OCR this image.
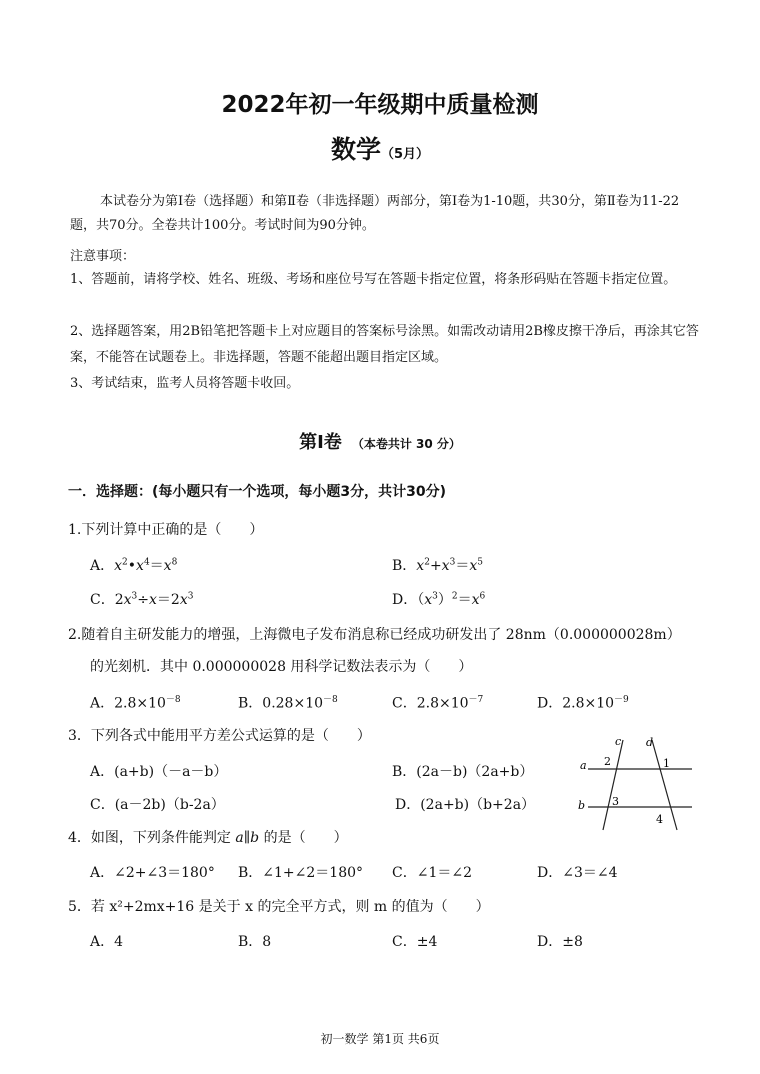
2022年初一年级期中质量检测
数学（5月）
本试卷分为第Ⅰ卷（选择题）和第Ⅱ卷（非选择题）两部分，第Ⅰ卷为1-10题，共30分，第Ⅱ卷为11-22题，共70分。全卷共计100分。考试时间为90分钟。
注意事项：
1、答题前，请将学校、姓名、班级、考场和座位号写在答题卡指定位置，将条形码贴在答题卡指定位置。
2、选择题答案，用2B铅笔把答题卡上对应题目的答案标号涂黑。如需改动请用2B橡皮擦干净后，再涂其它答案，不能答在试题卷上。非选择题，答题不能超出题目指定区域。
3、考试结束，监考人员将答题卡收回。
第Ⅰ卷 （本卷共计 30 分）
一．选择题：(每小题只有一个选项，每小题3分，共计30分)
1.下列计算中正确的是（　　）
A．$x^2•x^4=x^8$	B．$x^2+x^3=x^5$
C．$2x^3\div x=2x^3$	D．$(x^3)^2=x^6$
2.随着自主研发能力的增强，上海微电子发布消息称已经成功研发出了 28nm（0.000000028m）
的光刻机．其中 0.000000028 用科学记数法表示为（　　）
A．$2.8\times 10^{-8}$	B．$0.28\times 10^{-8}$	C．$2.8\times 10^{-7}$	D．$2.8\times 10^{-9}$
3．下列各式中能用平方差公式运算的是（　　）
A．(a+b)（－a－b）	B．(2a－b)（2a+b）
C．(a－2b)（b-2a）	D．(2a+b)（b+2a）
c d
a
b
2	1
3
4
4．如图，下列条件能判定 a∥b 的是（　　）
A．∠2+∠3＝180° B．∠1+∠2＝180° C．∠1＝∠2	D．∠3＝∠4
5．若 x²+2mx+16 是关于 x 的完全平方式，则 m 的值为（　　）
A．4	B．8	C．±4	D．±8
初一数学 第1页 共6页
